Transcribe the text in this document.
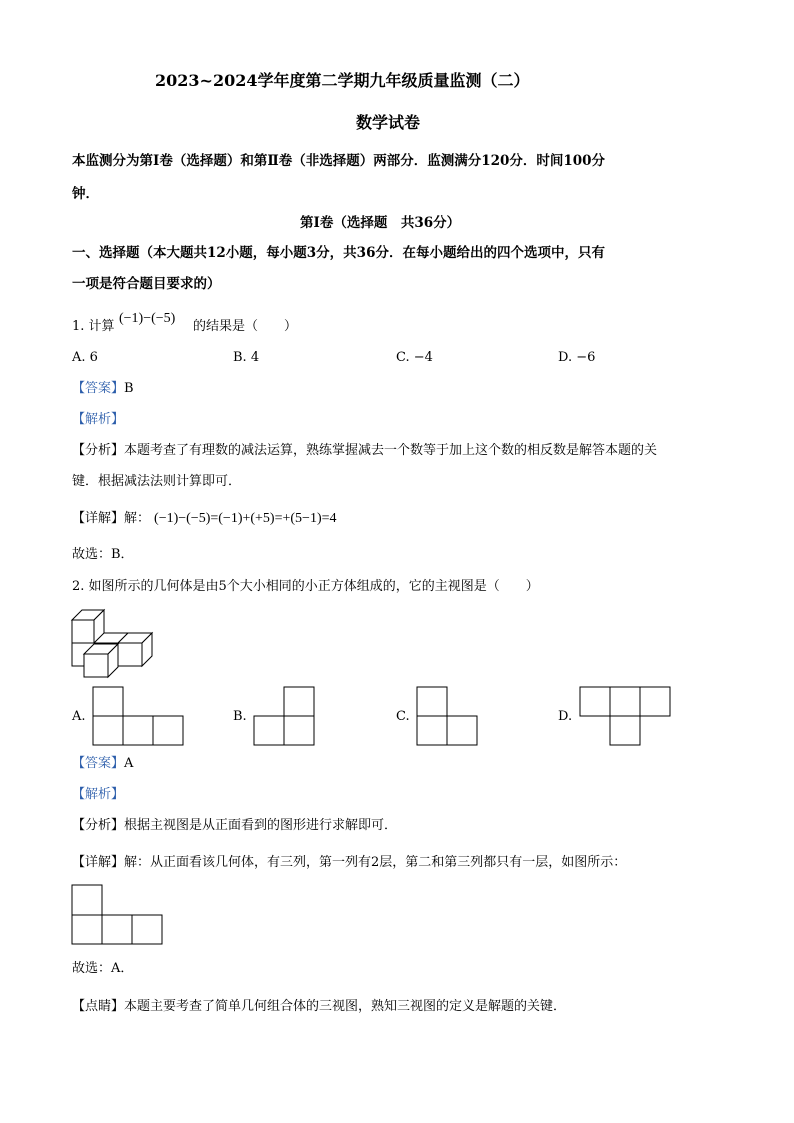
2023~2024学年度第二学期九年级质量监测（二）
数学试卷
本监测分为第Ⅰ卷（选择题）和第Ⅱ卷（非选择题）两部分．监测满分120分．时间100分
钟．
第Ⅰ卷（选择题　共36分）
一、选择题（本大题共12小题，每小题3分，共36分．在每小题给出的四个选项中，只有
一项是符合题目要求的）
1. 计算
(−1)−(−5)
的结果是（　　）
A. 6	B. 4	C. −4	D. −6
【答案】B
【解析】
【分析】本题考查了有理数的减法运算，熟练掌握减去一个数等于加上这个数的相反数是解答本题的关
键．根据减法法则计算即可．
【详解】解： (−1)−(−5)=(−1)+(+5)=+(5−1)=4
故选：B．
2. 如图所示的几何体是由5个大小相同的小正方体组成的，它的主视图是（　　）
A.	B.	C.	D.
【答案】A
【解析】
【分析】根据主视图是从正面看到的图形进行求解即可．
【详解】解：从正面看该几何体，有三列，第一列有2层，第二和第三列都只有一层，如图所示：
故选：A．
【点睛】本题主要考查了简单几何组合体的三视图，熟知三视图的定义是解题的关键．
